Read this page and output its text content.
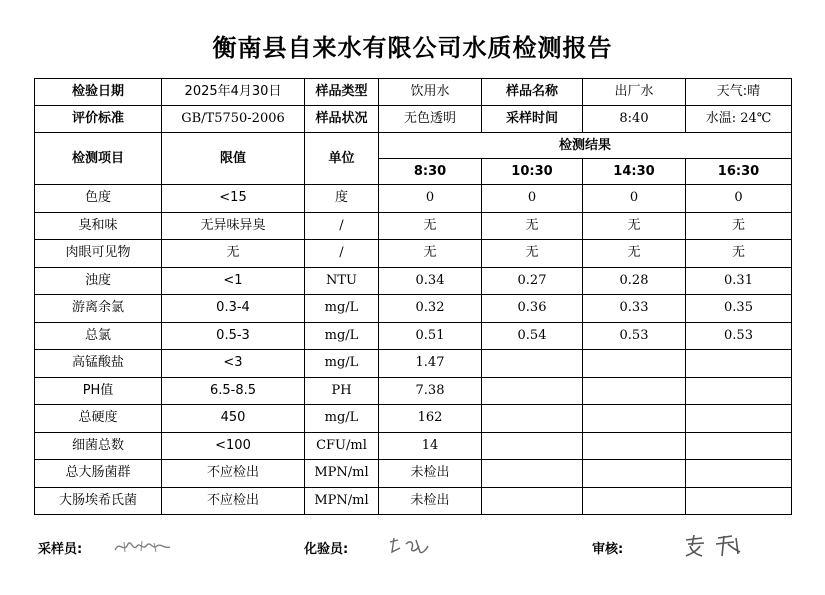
衡南县自来水有限公司水质检测报告
检验日期	2025年4月30日	样品类型	饮用水	样品名称	出厂水	天气:晴
评价标准	GB/T5750-2006	样品状况	无色透明	采样时间	8:40	水温: 24℃
检测项目	限值	单位	检测结果			
			8:30	10:30	14:30	16:30
色度	<15	度	0	0	0	0
臭和味	无异味异臭	/	无	无	无	无
肉眼可见物	无	/	无	无	无	无
浊度	<1	NTU	0.34	0.27	0.28	0.31
游离余氯	0.3-4	mg/L	0.32	0.36	0.33	0.35
总氯	0.5-3	mg/L	0.51	0.54	0.53	0.53
高锰酸盐	<3	mg/L	1.47			
PH值	6.5-8.5	PH	7.38			
总硬度	450	mg/L	162			
细菌总数	<100	CFU/ml	14			
总大肠菌群	不应检出	MPN/ml	未检出			
大肠埃希氏菌	不应检出	MPN/ml	未检出			
采样员:	化验员:	审核:
